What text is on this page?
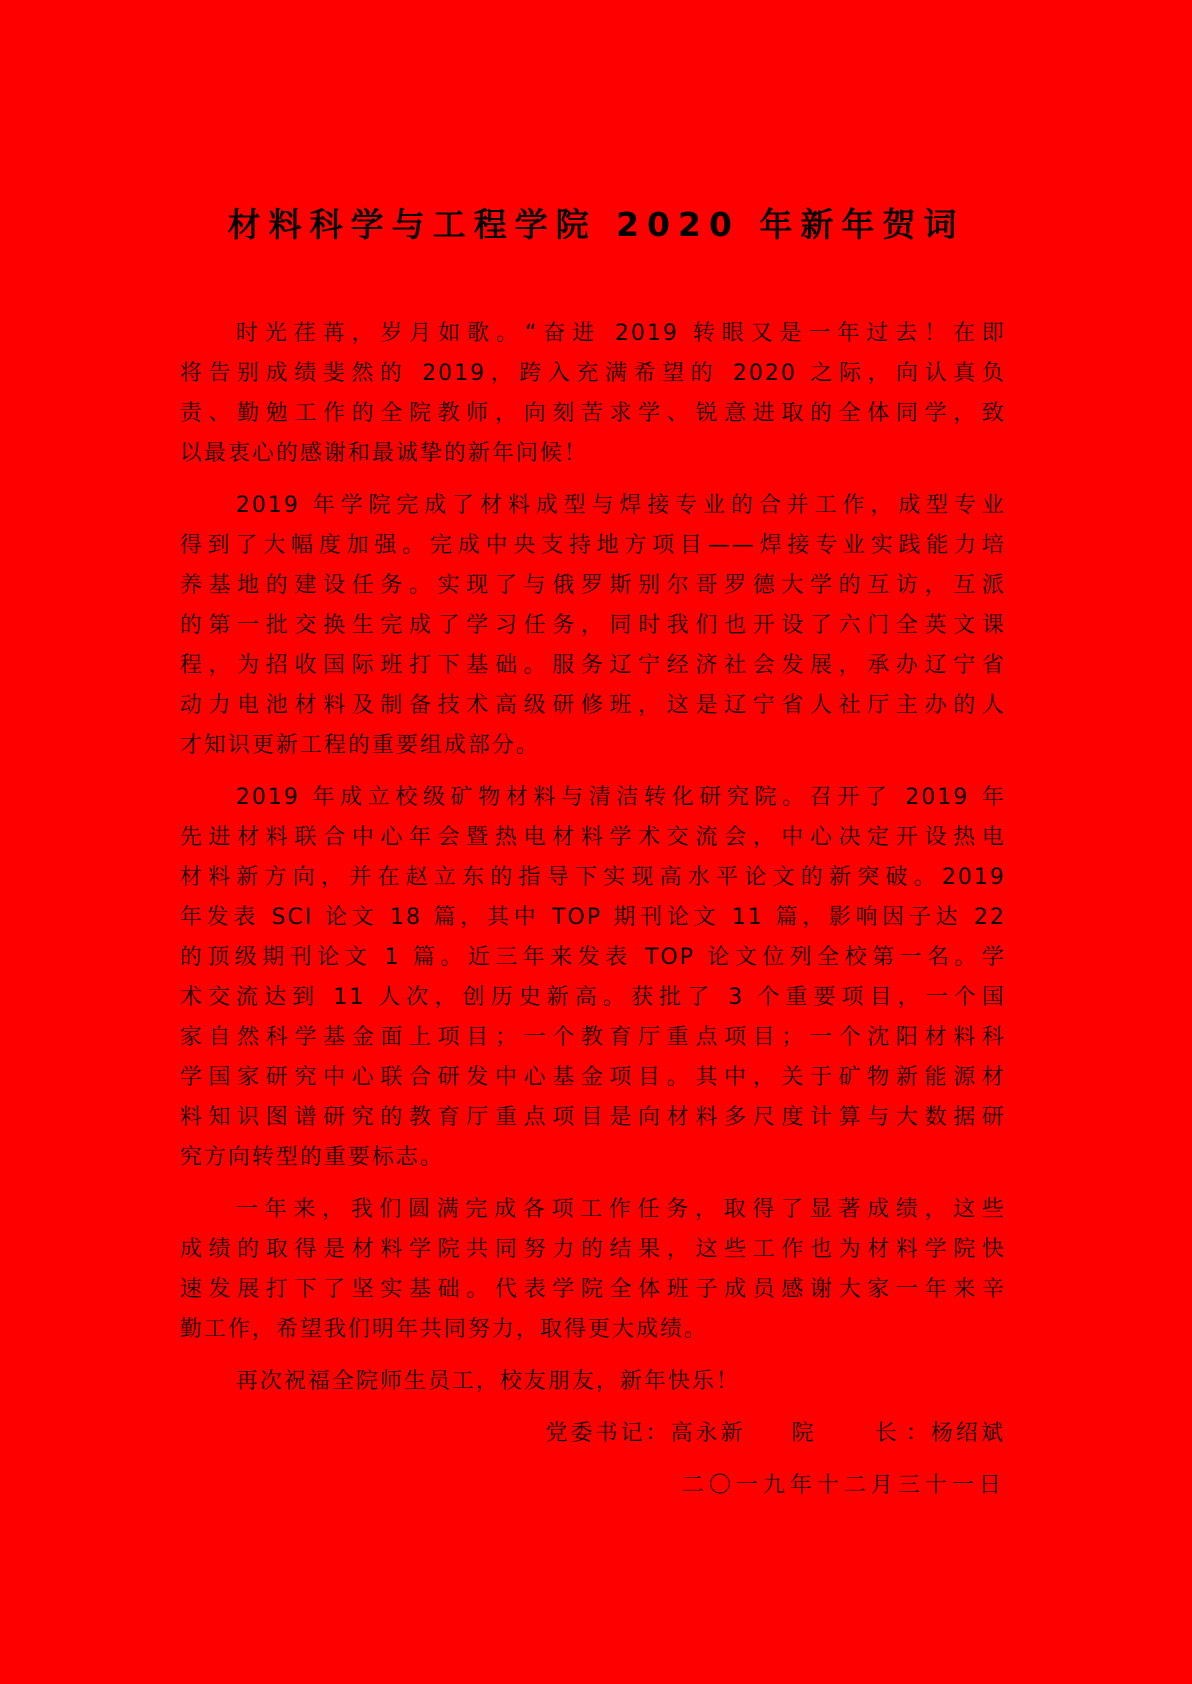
材料科学与工程学院 2020 年新年贺词
时光荏苒，岁月如歌。“奋进 2019 转眼又是一年过去！在即
将告别成绩斐然的 2019，跨入充满希望的 2020 之际，向认真负
责、勤勉工作的全院教师，向刻苦求学、锐意进取的全体同学，致
以最衷心的感谢和最诚挚的新年问候！
2019 年学院完成了材料成型与焊接专业的合并工作，成型专业
得到了大幅度加强。完成中央支持地方项目——焊接专业实践能力培
养基地的建设任务。实现了与俄罗斯别尔哥罗德大学的互访，互派
的第一批交换生完成了学习任务，同时我们也开设了六门全英文课
程，为招收国际班打下基础。服务辽宁经济社会发展，承办辽宁省
动力电池材料及制备技术高级研修班，这是辽宁省人社厅主办的人
才知识更新工程的重要组成部分。
2019 年成立校级矿物材料与清洁转化研究院。召开了 2019 年
先进材料联合中心年会暨热电材料学术交流会，中心决定开设热电
材料新方向，并在赵立东的指导下实现高水平论文的新突破。2019
年发表 SCI 论文 18 篇，其中 TOP 期刊论文 11 篇，影响因子达 22
的顶级期刊论文 1 篇。近三年来发表 TOP 论文位列全校第一名。学
术交流达到 11 人次，创历史新高。获批了 3 个重要项目，一个国
家自然科学基金面上项目；一个教育厅重点项目；一个沈阳材料科
学国家研究中心联合研发中心基金项目。其中，关于矿物新能源材
料知识图谱研究的教育厅重点项目是向材料多尺度计算与大数据研
究方向转型的重要标志。
一年来，我们圆满完成各项工作任务，取得了显著成绩，这些
成绩的取得是材料学院共同努力的结果，这些工作也为材料学院快
速发展打下了坚实基础。代表学院全体班子成员感谢大家一年来辛
勤工作，希望我们明年共同努力，取得更大成绩。
再次祝福全院师生员工，校友朋友，新年快乐！
党委书记：高永新 院 长 ：杨绍斌
二〇一九年十二月三十一日
